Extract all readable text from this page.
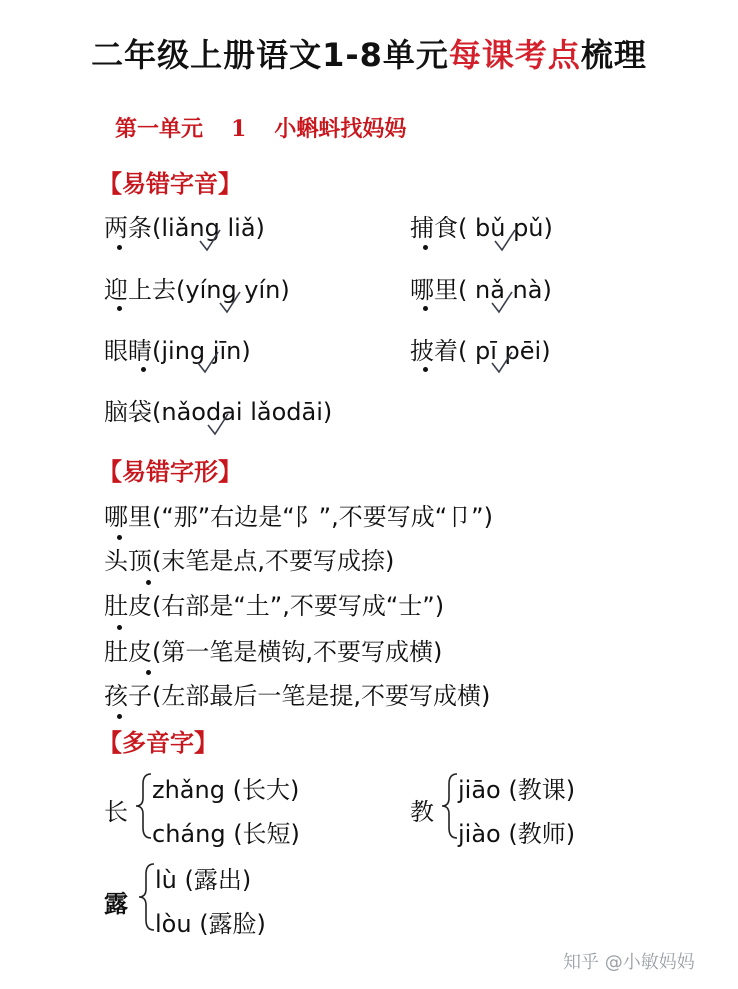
二年级上册语文1-8单元每课考点梳理
第一单元 1 小蝌蚪找妈妈
【易错字音】
两条(liǎng liǎ)	捕食( bǔ pǔ)
迎上去(yíng yín)	哪里( nǎ nà)
眼睛(jing jīn)	披着( pī pēi)
脑袋(nǎodai lǎodāi)
【易错字形】
哪里(“那”右边是“阝”,不要写成“卩”)
头顶(末笔是点,不要写成捺)
肚皮(右部是“土”,不要写成“士”)
肚皮(第一笔是横钩,不要写成横)
孩子(左部最后一笔是提,不要写成横)
【多音字】
长
zhǎng (长大)
cháng (长短)
教
jiāo (教课)
jiào (教师)
露
lù (露出)
lòu (露脸)
知乎 @小敏妈妈
